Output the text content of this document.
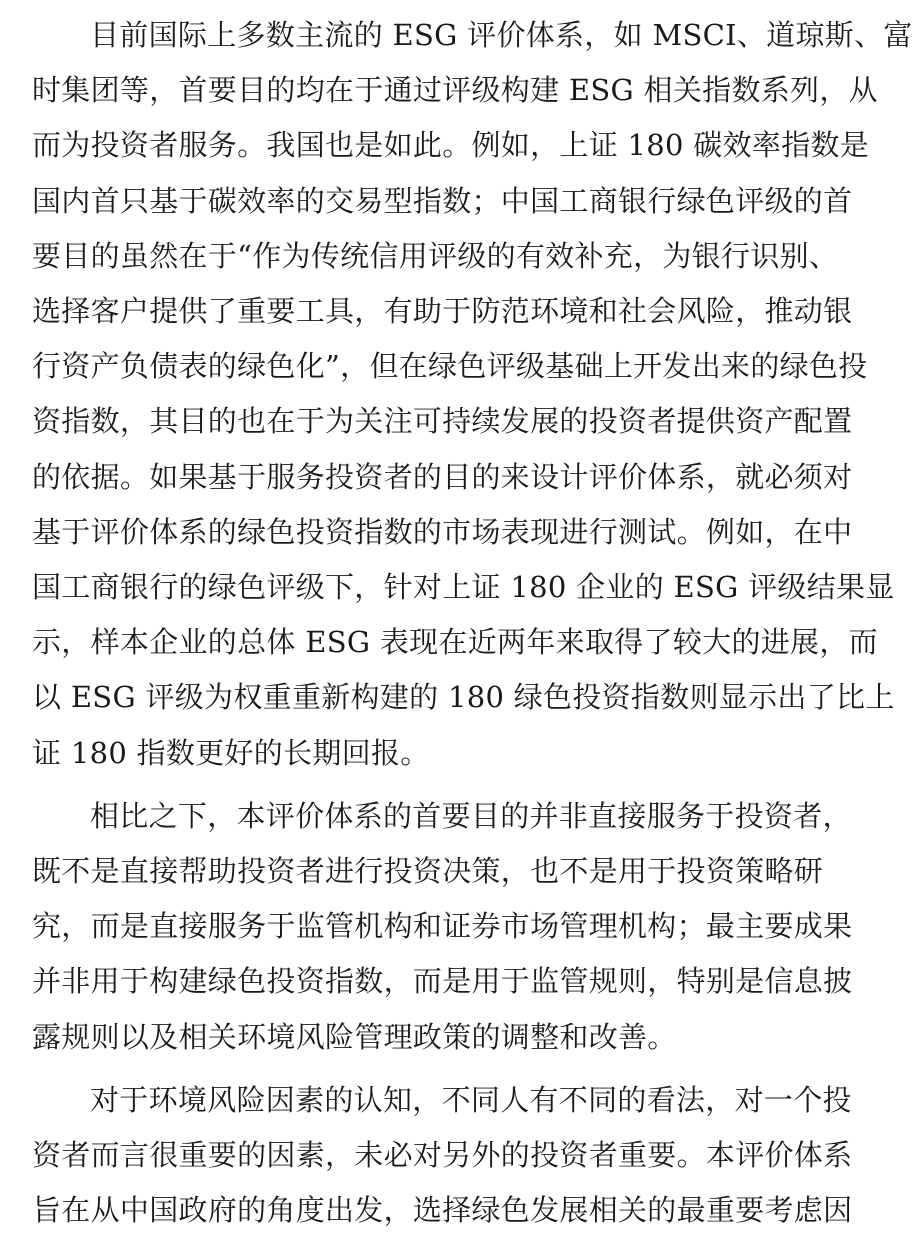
目前国际上多数主流的 ESG 评价体系，如 MSCI、道琼斯、富
时集团等，首要目的均在于通过评级构建 ESG 相关指数系列，从
而为投资者服务。我国也是如此。例如，上证 180 碳效率指数是
国内首只基于碳效率的交易型指数；中国工商银行绿色评级的首
要目的虽然在于“作为传统信用评级的有效补充，为银行识别、
选择客户提供了重要工具，有助于防范环境和社会风险，推动银
行资产负债表的绿色化”，但在绿色评级基础上开发出来的绿色投
资指数，其目的也在于为关注可持续发展的投资者提供资产配置
的依据。如果基于服务投资者的目的来设计评价体系，就必须对
基于评价体系的绿色投资指数的市场表现进行测试。例如，在中
国工商银行的绿色评级下，针对上证 180 企业的 ESG 评级结果显
示，样本企业的总体 ESG 表现在近两年来取得了较大的进展，而
以 ESG 评级为权重重新构建的 180 绿色投资指数则显示出了比上
证 180 指数更好的长期回报。
相比之下，本评价体系的首要目的并非直接服务于投资者，
既不是直接帮助投资者进行投资决策，也不是用于投资策略研
究，而是直接服务于监管机构和证券市场管理机构；最主要成果
并非用于构建绿色投资指数，而是用于监管规则，特别是信息披
露规则以及相关环境风险管理政策的调整和改善。
对于环境风险因素的认知，不同人有不同的看法，对一个投
资者而言很重要的因素，未必对另外的投资者重要。本评价体系
旨在从中国政府的角度出发，选择绿色发展相关的最重要考虑因
